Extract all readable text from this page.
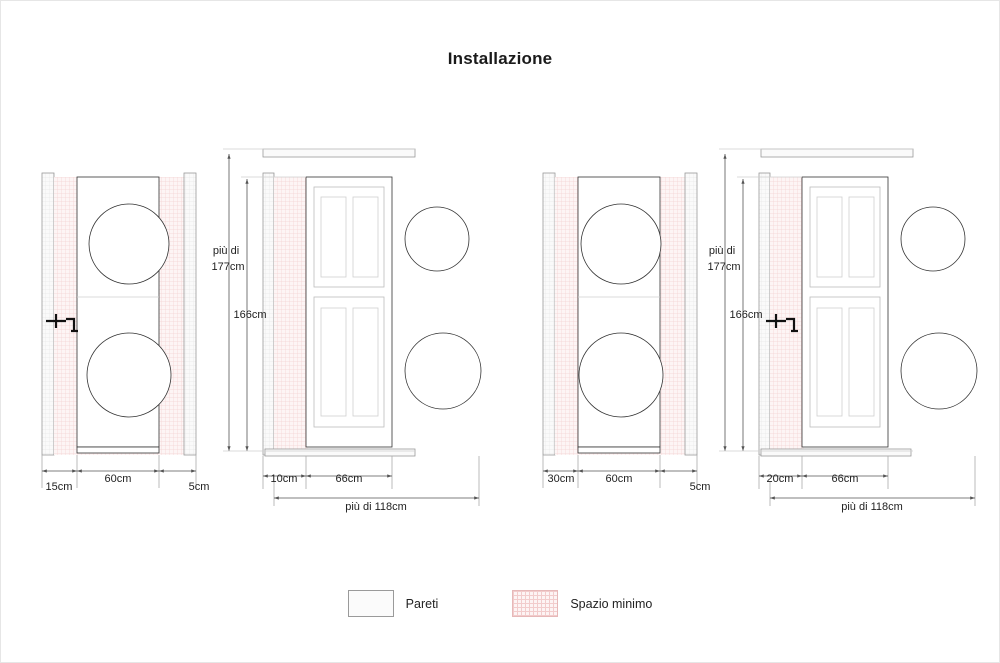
Installazione
15cm
60cm
5cm
più di
177cm
166cm
10cm	66cm
più di 118cm
30cm	60cm
5cm
più di
177cm
166cm
20cm	66cm
più di 118cm
Pareti	Spazio minimo
